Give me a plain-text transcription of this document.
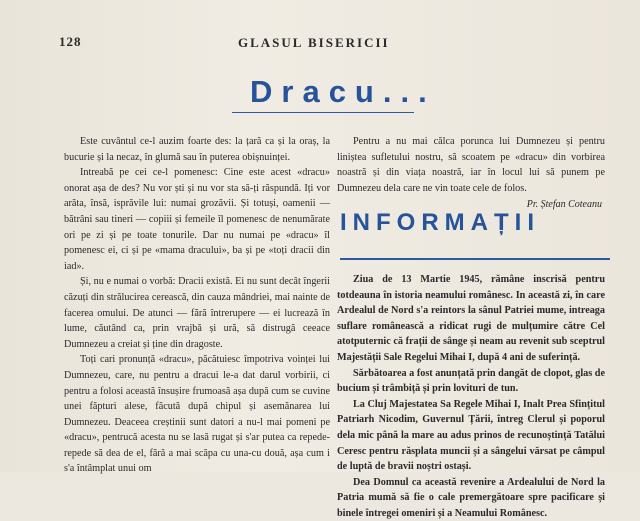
128	GLASUL BISERICII
Dracu...

Este cuvântul ce-l auzim foarte des: la țară ca și la oraș, la bucurie și la necaz, în glumă sau în puterea obișnuinței.

Intreabă pe cei ce-l pomenesc: Cine este acest «dracu» onorat așa de des? Nu vor ști și nu vor sta să-ți răspundă. Iți vor arăta, însă, isprăvile lui: numai grozăvii. Și totuși, oamenii — bătrâni sau tineri — copiii și femeile îl pomenesc de nenumărate ori pe zi și pe toate tonurile. Dar nu numai pe «dracu» îl pomenesc ei, ci și pe «mama dracului», ba și pe «toți dracii din iad».

Și, nu e numai o vorbă: Dracii există. Ei nu sunt decât îngerii căzuți din strălucirea cerească, din cauza mândriei, mai nainte de facerea omului. De atunci — fără întrerupere — ei lucrează în lume, căutând ca, prin vrajbă și ură, să distrugă ceeace Dumnezeu a creiat și ține din dragoste.

Toți cari pronunță «dracu», păcătuiesc împotriva voinței lui Dumnezeu, care, nu pentru a dracui le-a dat darul vorbirii, ci pentru a folosi această însușire frumoasă așa după cum se cuvine unei făpturi alese, făcută după chipul și asemănarea lui Dumnezeu. Deaceea creștinii sunt datori a nu-l mai pomeni pe «dracu», pentrucă acesta nu se lasă rugat și s'ar putea ca repede-repede să dea de el, fără a mai scăpa cu una-cu două, așa cum i s'a întâmplat unui om

Pentru a nu mai călca porunca lui Dumnezeu și pentru liniștea sufletului nostru, să scoatem pe «dracu» din vorbirea noastră și din viața noastră, iar în locul lui să punem pe Dumnezeu dela care ne vin toate cele de folos.

Pr. Ștefan Coteanu
INFORMAȚII

Ziua de 13 Martie 1945, rămâne inscrisă pentru totdeauna în istoria neamului românesc. In această zi, în care Ardealul de Nord s'a reintors la sânul Patriei mume, intreaga suflare românească a ridicat rugi de mulțumire către Cel atotputernic că frații de sânge și neam au revenit sub sceptrul Majestății Sale Regelui Mihai I, după 4 ani de suferință.

Sărbătoarea a fost anunțată prin dangăt de clopot, glas de bucium și trâmbiță și prin lovituri de tun.

La Cluj Majestatea Sa Regele Mihai I, Inalt Prea Sfințitul Patriarh Nicodim, Guvernul Țării, întreg Clerul și poporul dela mic până la mare au adus prinos de recunoștință Tatălui Ceresc pentru răsplata muncii și a sângelui vărsat pe câmpul de luptă de bravii noștri ostași.

Dea Domnul ca această revenire a Ardealului de Nord la Patria mumă să fie o cale premergătoare spre pacificare și binele întregei omeniri și a Neamului Românesc.
